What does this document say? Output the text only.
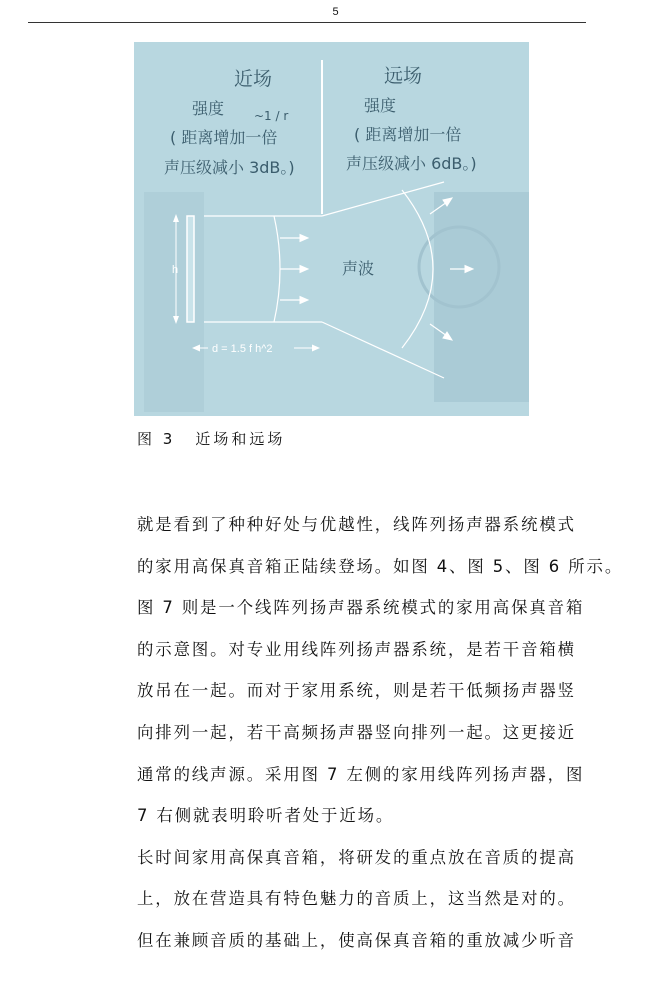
5
近场
强度 ~1 / r
( 距离增加一倍
声压级减小 3dB。)
远场
强度
( 距离增加一倍
声压级减小 6dB。)
h	声波
d = 1.5 f h^2
图 3 近场和远场
就是看到了种种好处与优越性，线阵列扬声器系统模式
的家用高保真音箱正陆续登场。如图 4、图 5、图 6 所示。
图 7 则是一个线阵列扬声器系统模式的家用高保真音箱
的示意图。对专业用线阵列扬声器系统，是若干音箱横
放吊在一起。而对于家用系统，则是若干低频扬声器竖
向排列一起，若干高频扬声器竖向排列一起。这更接近
通常的线声源。采用图 7 左侧的家用线阵列扬声器，图
7 右侧就表明聆听者处于近场。
长时间家用高保真音箱，将研发的重点放在音质的提高
上，放在营造具有特色魅力的音质上，这当然是对的。
但在兼顾音质的基础上，使高保真音箱的重放减少听音
